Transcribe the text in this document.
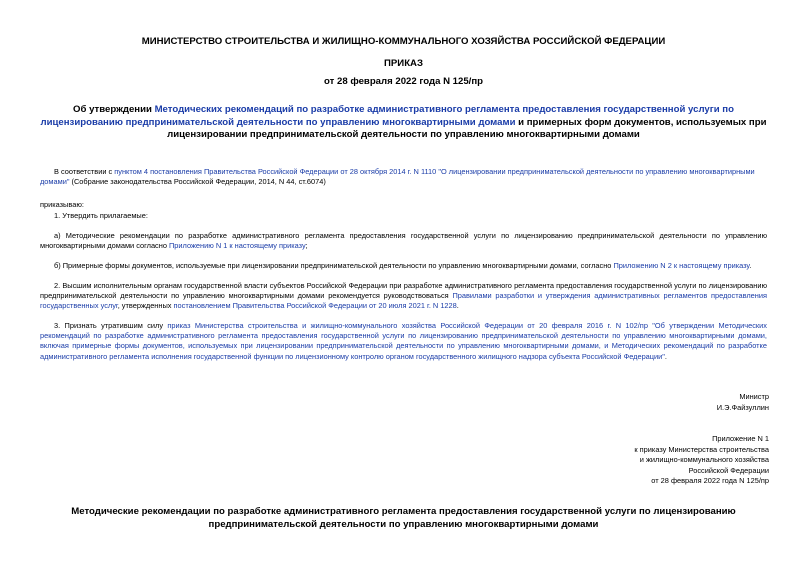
МИНИСТЕРСТВО СТРОИТЕЛЬСТВА И ЖИЛИЩНО-КОММУНАЛЬНОГО ХОЗЯЙСТВА РОССИЙСКОЙ ФЕДЕРАЦИИ
ПРИКАЗ
от 28 февраля 2022 года N 125/пр
Об утверждении Методических рекомендаций по разработке административного регламента предоставления государственной услуги по лицензированию предпринимательской деятельности по управлению многоквартирными домами и примерных форм документов, используемых при лицензировании предпринимательской деятельности по управлению многоквартирными домами
В соответствии с пунктом 4 постановления Правительства Российской Федерации от 28 октября 2014 г. N 1110 "О лицензировании предпринимательской деятельности по управлению многоквартирными домами" (Собрание законодательства Российской Федерации, 2014, N 44, ст.6074)
приказываю:
1. Утвердить прилагаемые:
а) Методические рекомендации по разработке административного регламента предоставления государственной услуги по лицензированию предпринимательской деятельности по управлению многоквартирными домами согласно Приложению N 1 к настоящему приказу;
б) Примерные формы документов, используемые при лицензировании предпринимательской деятельности по управлению многоквартирными домами, согласно Приложению N 2 к настоящему приказу.
2. Высшим исполнительным органам государственной власти субъектов Российской Федерации при разработке административного регламента предоставления государственной услуги по лицензированию предпринимательской деятельности по управлению многоквартирными домами рекомендуется руководствоваться Правилами разработки и утверждения административных регламентов предоставления государственных услуг, утвержденных постановлением Правительства Российской Федерации от 20 июля 2021 г. N 1228.
3. Признать утратившим силу приказ Министерства строительства и жилищно-коммунального хозяйства Российской Федерации от 20 февраля 2016 г. N 102/пр "Об утверждении Методических рекомендаций по разработке административного регламента предоставления государственной услуги по лицензированию предпринимательской деятельности по управлению многоквартирными домами, включая примерные формы документов, используемых при лицензировании предпринимательской деятельности по управлению многоквартирными домами, и Методических рекомендаций по разработке административного регламента исполнения государственной функции по лицензионному контролю органом государственного жилищного надзора субъекта Российской Федерации".
Министр
И.Э.Файзуллин
Приложение N 1
к приказу Министерства строительства
и жилищно-коммунального хозяйства
Российской Федерации
от 28 февраля 2022 года N 125/пр
Методические рекомендации по разработке административного регламента предоставления государственной услуги по лицензированию предпринимательской деятельности по управлению многоквартирными домами
